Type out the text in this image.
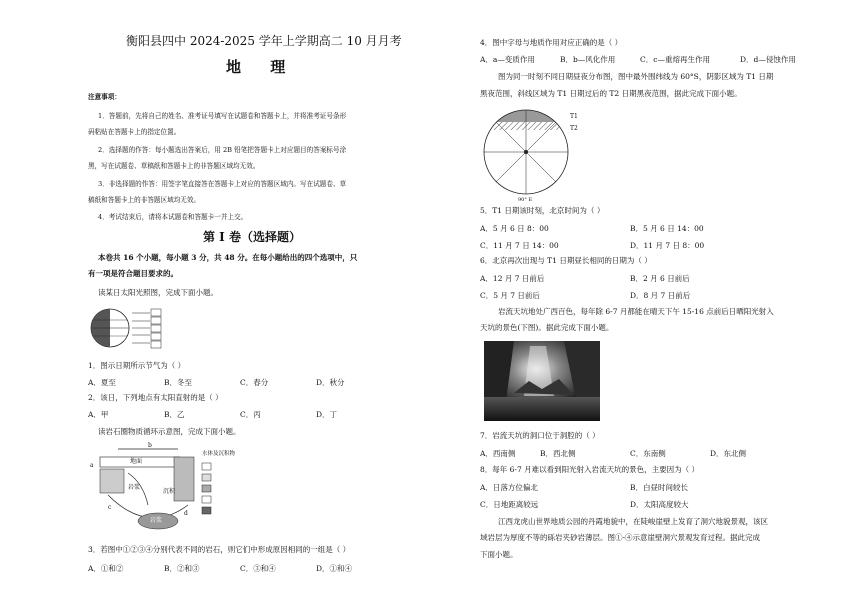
衡阳县四中 2024-2025 学年上学期高二 10 月月考
地 理
注意事项：
1．答题前，先将自己的姓名、准考证号填写在试题卷和答题卡上，并将准考证号条形
码粘贴在答题卡上的指定位置。
2．选择题的作答：每小题选出答案后，用 2B 铅笔把答题卡上对应题目的答案标号涂
黑，写在试题卷、草稿纸和答题卡上的非答题区域均无效。
3．非选择题的作答：用签字笔直接答在答题卡上对应的答题区域内。写在试题卷、草
稿纸和答题卡上的非答题区域均无效。
4．考试结束后，请将本试题卷和答题卡一并上交。
第 I 卷（选择题）
本卷共 16 个小题，每小题 3 分，共 48 分。在每小题给出的四个选项中，只
有一项是符合题目要求的。
读某日太阳光照图，完成下面小题。
1．图示日期所示节气为（ ）
A．夏至	B．冬至	C．春分	D．秋分
2．该日，下列地点有太阳直射的是（ ）
A．甲	B．乙	C．丙	D．丁
读岩石圈物质循环示意图，完成下面小题。
水体及沉积物
地面
岩浆
岩浆
沉积
a
b
c
d
3．若图中①②③④分别代表不同的岩石，则它们中形成原因相同的一组是（ ）
A．①和②	B．②和③	C．③和④	D．①和④
4．图中字母与地质作用对应正确的是（ ）
A．a—变质作用	B．b—风化作用	C．c—重熔再生作用	D．d—侵蚀作用
图为同一时刻不同日期昼夜分布图，图中最外围纬线为 60°S，阴影区域为 T1 日期
黑夜范围，斜线区域为 T1 日期过后的 T2 日期黑夜范围，据此完成下面小题。
T1
T2
90° E
5．T1 日期该时刻，北京时间为（ ）
A．5 月 6 日 8：00	B．5 月 6 日 14：00
C．11 月 7 日 14：00	D．11 月 7 日 8：00
6．北京再次出现与 T1 日期昼长相同的日期为（ ）
A．12 月 7 日前后	B．2 月 6 日前后
C．5 月 7 日前后	D．8 月 7 日前后
岩流天坑地处广西百色，每年除 6-7 月都能在晴天下午 15-16 点前后日晒阳光射入
天坑的景色(下图)。据此完成下面小题。
7．岩流天坑的洞口位于洞腔的（ ）
A．西南侧	B．西北侧	C．东南侧	D．东北侧
8．每年 6-7 月难以看到阳光射入岩流天坑的景色，主要因为（ ）
A．日落方位偏北	B．白昼时间较长
C．日地距离较远	D．太阳高度较大
江西龙虎山世界地质公园的丹霞地貌中，在陡峻崖壁上发育了洞穴地貌景观，该区
域岩层为厚度不等的砾岩夹砂岩薄层。图①-④示意崖壁洞穴景观发育过程。据此完成
下面小题。
